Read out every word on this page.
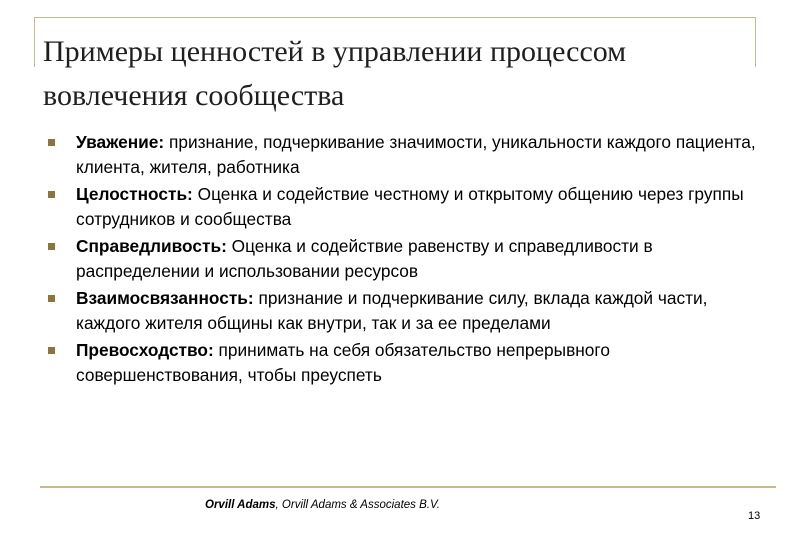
Примеры ценностей в управлении процессом вовлечения сообщества
Уважение: признание, подчеркивание значимости, уникальности каждого пациента, клиента, жителя, работника
Целостность: Оценка и содействие честному и открытому общению через группы сотрудников и сообщества
Справедливость: Оценка и содействие равенству и справедливости в распределении и использовании ресурсов
Взаимосвязанность: признание и подчеркивание силу, вклада каждой части, каждого жителя общины как внутри, так и за ее пределами
Превосходство: принимать на себя обязательство непрерывного совершенствования, чтобы преуспеть
Orvill Adams, Orvill Adams & Associates B.V.
13
